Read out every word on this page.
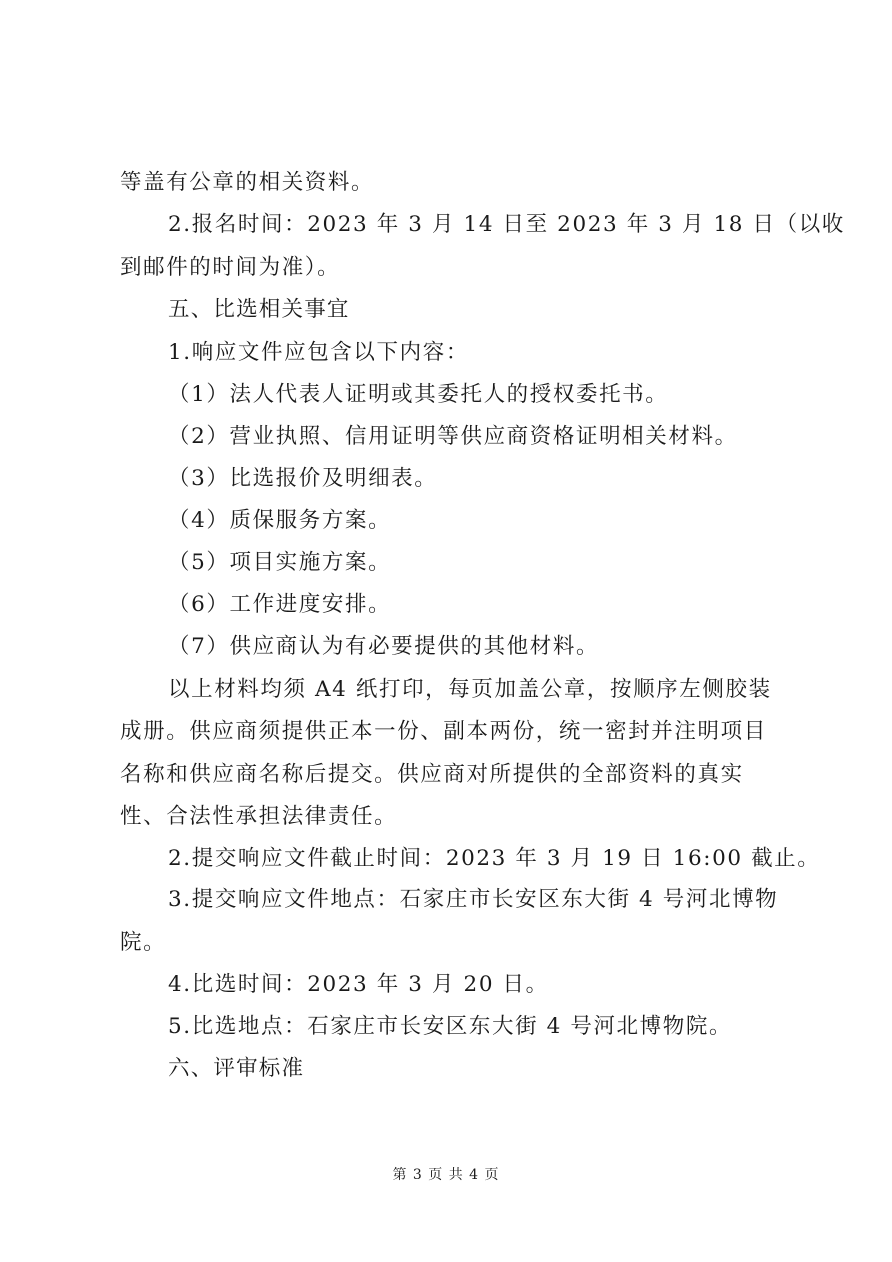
等盖有公章的相关资料。
2.报名时间：2023 年 3 月 14 日至 2023 年 3 月 18 日（以收
到邮件的时间为准）。
五、比选相关事宜
1.响应文件应包含以下内容：
（1）法人代表人证明或其委托人的授权委托书。
（2）营业执照、信用证明等供应商资格证明相关材料。
（3）比选报价及明细表。
（4）质保服务方案。
（5）项目实施方案。
（6）工作进度安排。
（7）供应商认为有必要提供的其他材料。
以上材料均须 A4 纸打印，每页加盖公章，按顺序左侧胶装
成册。供应商须提供正本一份、副本两份，统一密封并注明项目
名称和供应商名称后提交。供应商对所提供的全部资料的真实
性、合法性承担法律责任。
2.提交响应文件截止时间：2023 年 3 月 19 日 16:00 截止。
3.提交响应文件地点：石家庄市长安区东大街 4 号河北博物
院。
4.比选时间：2023 年 3 月 20 日。
5.比选地点：石家庄市长安区东大街 4 号河北博物院。
六、评审标准
第 3 页 共 4 页
